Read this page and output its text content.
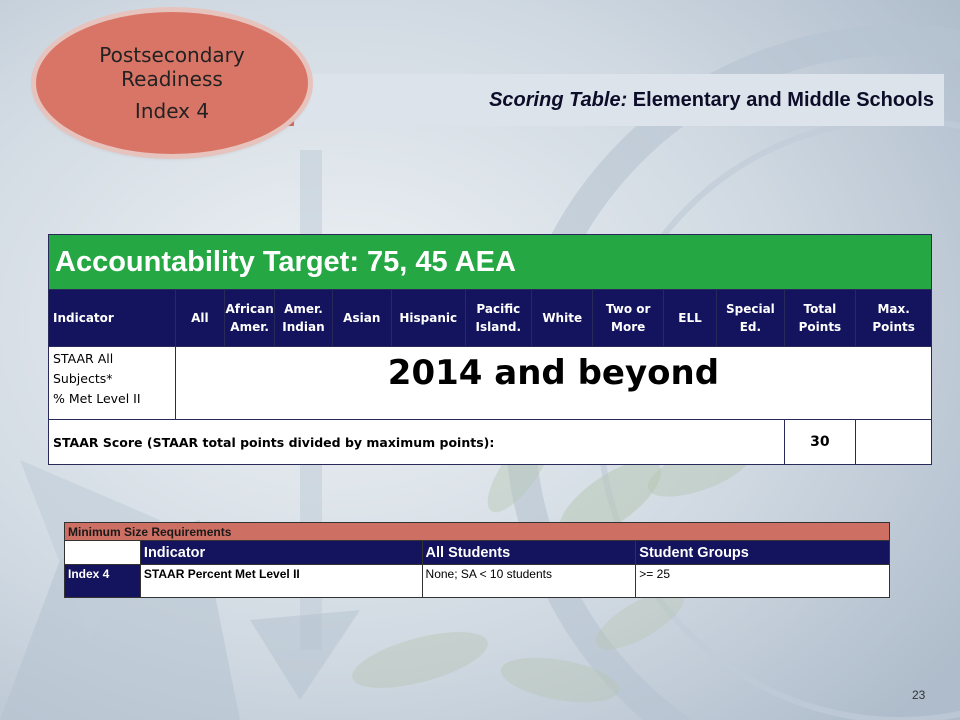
Scoring Table: Elementary and Middle Schools
Postsecondary
Readiness
Index 4
Accountability Target: 75, 45 AEA												
Indicator	All	African Amer.	Amer. Indian	Asian	Hispanic	Pacific Island.	White	Two or More	ELL	Special Ed.	Total Points	Max. Points

STAAR All
Subjects*
% Met Level II	2014 and beyond											
STAAR Score (STAAR total points divided by maximum points):											30	
Minimum Size Requirements			
	Indicator	All Students	Student Groups
Index 4	STAAR Percent Met Level II	None; SA < 10 students	>= 25
23
